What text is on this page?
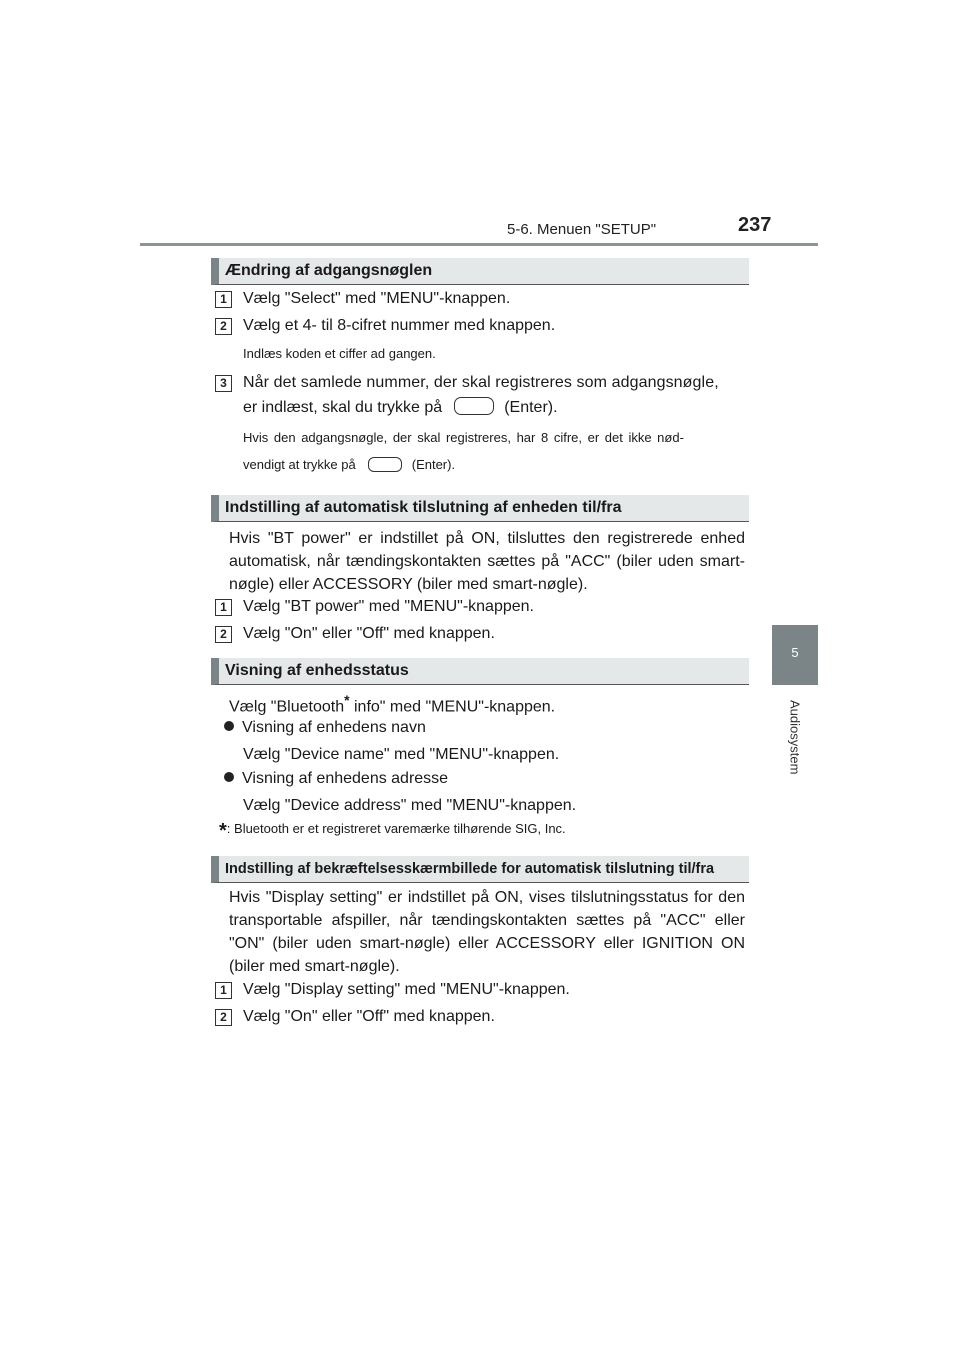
5-6. Menuen "SETUP"	237
5
Audiosystem
Ændring af adgangsnøglen
1	Vælg "Select" med "MENU"-knappen.
2	Vælg et 4- til 8-cifret nummer med knappen.
Indlæs koden et ciffer ad gangen.
3	Når det samlede nummer, der skal registreres som adgangsnøgle,
er indlæst, skal du trykke på	(Enter).
Hvis den adgangsnøgle, der skal registreres, har 8 cifre, er det ikke nød-
vendigt at trykke på	(Enter).
Indstilling af automatisk tilslutning af enheden til/fra
Hvis "BT power" er indstillet på ON, tilsluttes den registrerede enhed automatisk, når tændingskontakten sættes på "ACC" (biler uden smart-nøgle) eller ACCESSORY (biler med smart-nøgle).
1	Vælg "BT power" med "MENU"-knappen.
2	Vælg "On" eller "Off" med knappen.
Visning af enhedsstatus
Vælg "Bluetooth* info" med "MENU"-knappen.
Visning af enhedens navn
Vælg "Device name" med "MENU"-knappen.
Visning af enhedens adresse
Vælg "Device address" med "MENU"-knappen.
*: Bluetooth er et registreret varemærke tilhørende SIG, Inc.
Indstilling af bekræftelsesskærmbillede for automatisk tilslutning til/fra
Hvis "Display setting" er indstillet på ON, vises tilslutningsstatus for den transportable afspiller, når tændingskontakten sættes på "ACC" eller "ON" (biler uden smart-nøgle) eller ACCESSORY eller IGNITION ON (biler med smart-nøgle).
1	Vælg "Display setting" med "MENU"-knappen.
2	Vælg "On" eller "Off" med knappen.
